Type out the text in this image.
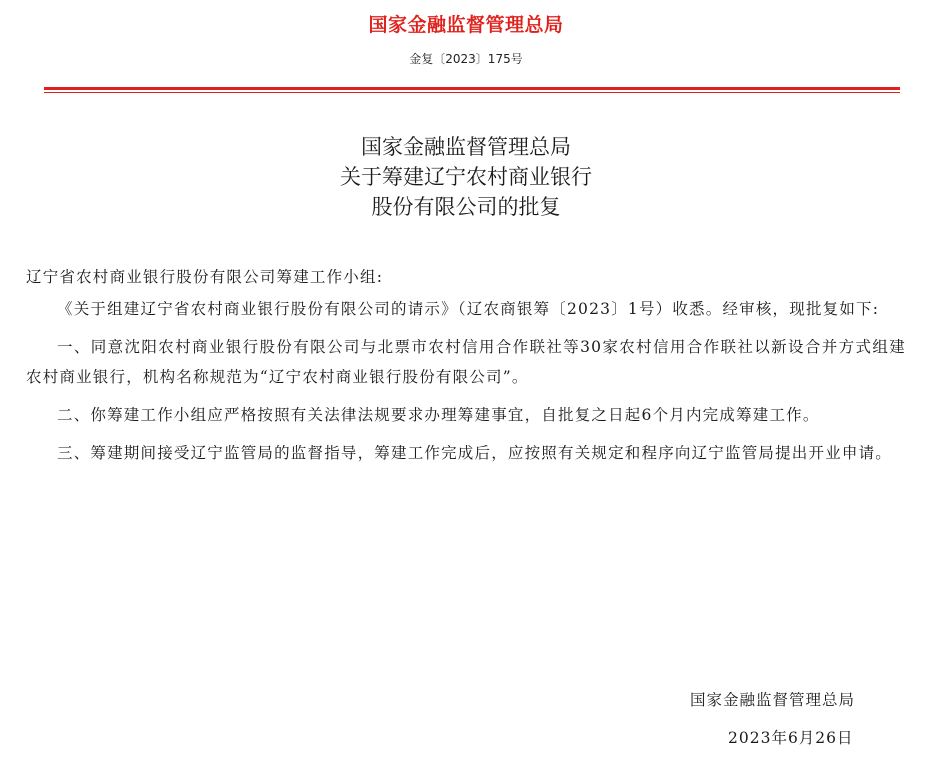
国家金融监督管理总局
金复〔2023〕175号
国家金融监督管理总局
关于筹建辽宁农村商业银行
股份有限公司的批复

辽宁省农村商业银行股份有限公司筹建工作小组:

《关于组建辽宁省农村商业银行股份有限公司的请示》（辽农商银筹〔2023〕1号）收悉。经审核，现批复如下:

一、同意沈阳农村商业银行股份有限公司与北票市农村信用合作联社等30家农村信用合作联社以新设合并方式组建农村商业银行，机构名称规范为“辽宁农村商业银行股份有限公司”。

二、你筹建工作小组应严格按照有关法律法规要求办理筹建事宜，自批复之日起6个月内完成筹建工作。

三、筹建期间接受辽宁监管局的监督指导，筹建工作完成后，应按照有关规定和程序向辽宁监管局提出开业申请。

国家金融监督管理总局
2023年6月26日
